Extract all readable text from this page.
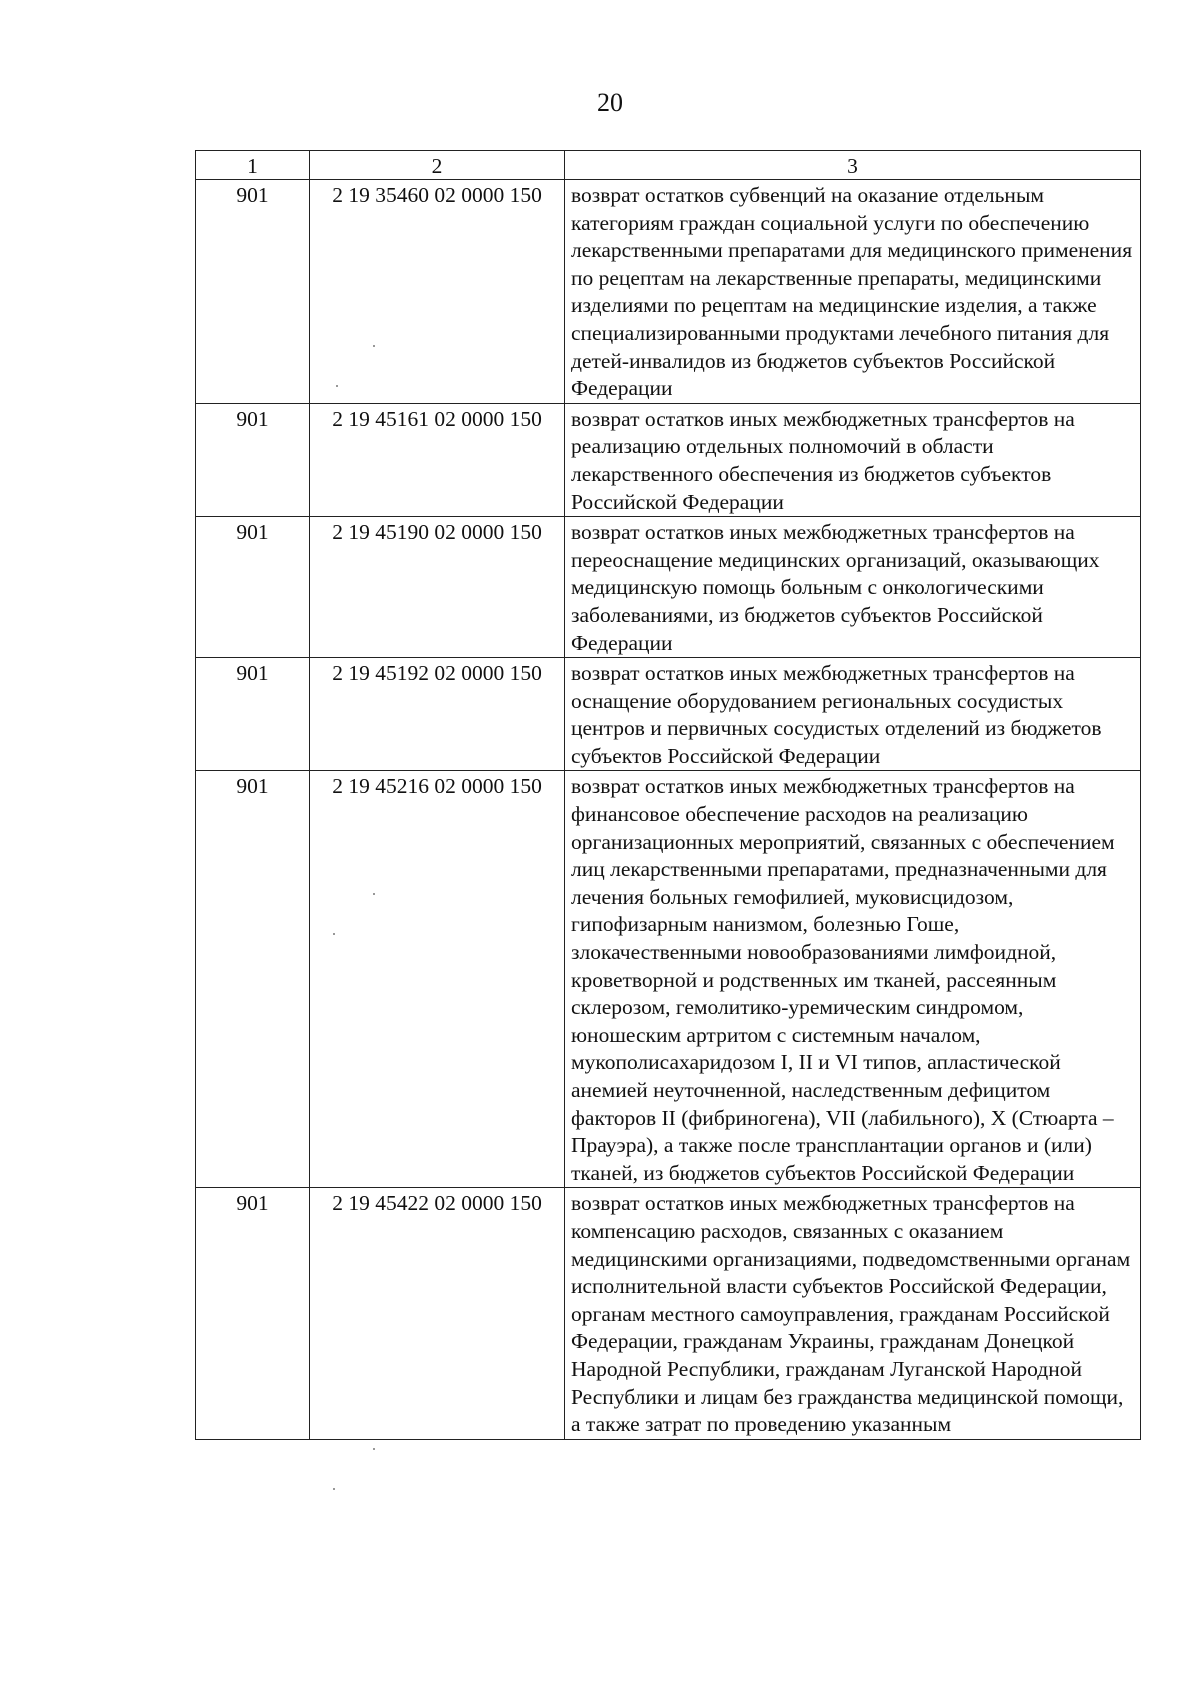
20
1	2	3
901	2 19 35460 02 0000 150	возврат остатков субвенций на оказание отдельным категориям граждан социальной услуги по обеспечению лекарственными препаратами для медицинского применения по рецептам на лекарственные препараты, медицинскими изделиями по рецептам на медицинские изделия, а также специализированными продуктами лечебного питания для детей-инвалидов из бюджетов субъектов Российской Федерации
901	2 19 45161 02 0000 150	возврат остатков иных межбюджетных трансфертов на реализацию отдельных полномочий в области лекарственного обеспечения из бюджетов субъектов Российской Федерации
901	2 19 45190 02 0000 150	возврат остатков иных межбюджетных трансфертов на переоснащение медицинских организаций, оказывающих медицинскую помощь больным с онкологическими заболеваниями, из бюджетов субъектов Российской Федерации
901	2 19 45192 02 0000 150	возврат остатков иных межбюджетных трансфертов на оснащение оборудованием региональных сосудистых центров и первичных сосудистых отделений из бюджетов субъектов Российской Федерации
901	2 19 45216 02 0000 150	возврат остатков иных межбюджетных трансфертов на финансовое обеспечение расходов на реализацию организационных мероприятий, связанных с обеспечением лиц лекарственными препаратами, предназначенными для лечения больных гемофилией, муковисцидозом, гипофизарным нанизмом, болезнью Гоше, злокачественными новообразованиями лимфоидной, кроветворной и родственных им тканей, рассеянным склерозом, гемолитико-уремическим синдромом, юношеским артритом с системным началом, мукополисахаридозом I, II и VI типов, апластической анемией неуточненной, наследственным дефицитом факторов II (фибриногена), VII (лабильного), X (Стюарта – Прауэра), а также после трансплантации органов и (или) тканей, из бюджетов субъектов Российской Федерации
901	2 19 45422 02 0000 150	возврат остатков иных межбюджетных трансфертов на компенсацию расходов, связанных с оказанием медицинскими организациями, подведомственными органам исполнительной власти субъектов Российской Федерации, органам местного самоуправления, гражданам Российской Федерации, гражданам Украины, гражданам Донецкой Народной Республики, гражданам Луганской Народной Республики и лицам без гражданства медицинской помощи, а также затрат по проведению указанным
